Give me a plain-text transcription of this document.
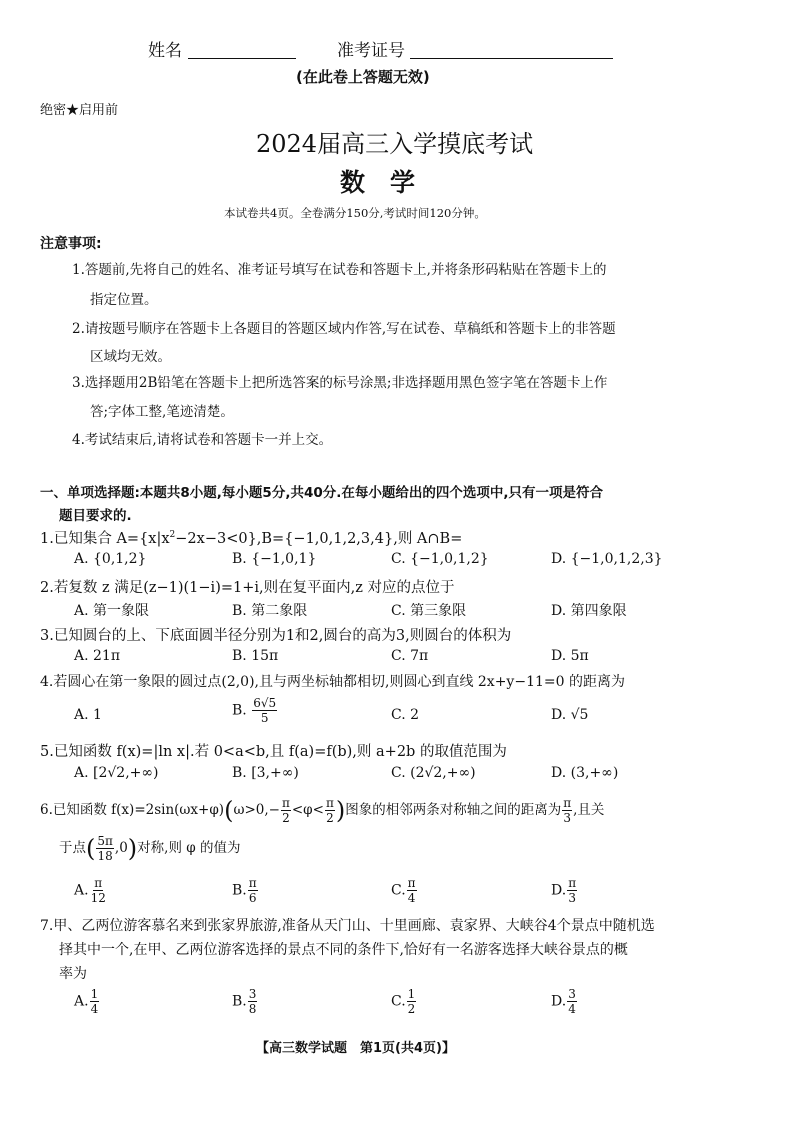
姓名	准考证号
(在此卷上答题无效)
绝密★启用前
2024届高三入学摸底考试
数　学
本试卷共4页。全卷满分150分,考试时间120分钟。
注意事项:
1.答题前,先将自己的姓名、准考证号填写在试卷和答题卡上,并将条形码粘贴在答题卡上的
指定位置。
2.请按题号顺序在答题卡上各题目的答题区域内作答,写在试卷、草稿纸和答题卡上的非答题
区域均无效。
3.选择题用2B铅笔在答题卡上把所选答案的标号涂黑;非选择题用黑色签字笔在答题卡上作
答;字体工整,笔迹清楚。
4.考试结束后,请将试卷和答题卡一并上交。
一、单项选择题:本题共8小题,每小题5分,共40分.在每小题给出的四个选项中,只有一项是符合
题目要求的.
1.已知集合 $A=\{x|x^2-2x-3<0\},B=\{-1,0,1,2,3,4\}$,则 A∩B=
A. {0,1,2}	B. {−1,0,1}	C. {−1,0,1,2}	D. {−1,0,1,2,3}
2.若复数 z 满足(z−1)(1−i)=1+i,则在复平面内,z 对应的点位于
A. 第一象限	B. 第二象限	C. 第三象限	D. 第四象限
3.已知圆台的上、下底面圆半径分别为1和2,圆台的高为3,则圆台的体积为
A. 21π	B. 15π	C. 7π	D. 5π
4.若圆心在第一象限的圆过点(2,0),且与两坐标轴都相切,则圆心到直线 2x+y−11=0 的距离为
A. 1	B. $\frac{6√5}{5}$	C. 2	D. √5
5.已知函数 f(x)=|ln x|.若 0<a<b,且 f(a)=f(b),则 a+2b 的取值范围为
A. [2√2,+∞)	B. [3,+∞)	C. (2√2,+∞)	D. (3,+∞)
6.已知函数 $f(x)=2\sin(\omega x+\varphi)(\omega>0,- \frac{\pi}{2} <\varphi< \frac{\pi}{2}$ )图象的相邻两条对称轴之间的距离为 $\frac{\pi}{3}$ ,且关
于点( $\frac{5\pi}{18} ,0$)对称,则 φ 的值为
A. $\frac{\pi}{12}$	B. $\frac{\pi}{6}$	C. $\frac{\pi}{4}$	D. $\frac{\pi}{3}$
7.甲、乙两位游客慕名来到张家界旅游,准备从天门山、十里画廊、袁家界、大峡谷4个景点中随机选
择其中一个,在甲、乙两位游客选择的景点不同的条件下,恰好有一名游客选择大峡谷景点的概
率为
A. $\frac{1}{4}$	B. $\frac{3}{8}$	C. $\frac{1}{2}$	D. $\frac{3}{4}$
【高三数学试题　第1页(共4页)】
